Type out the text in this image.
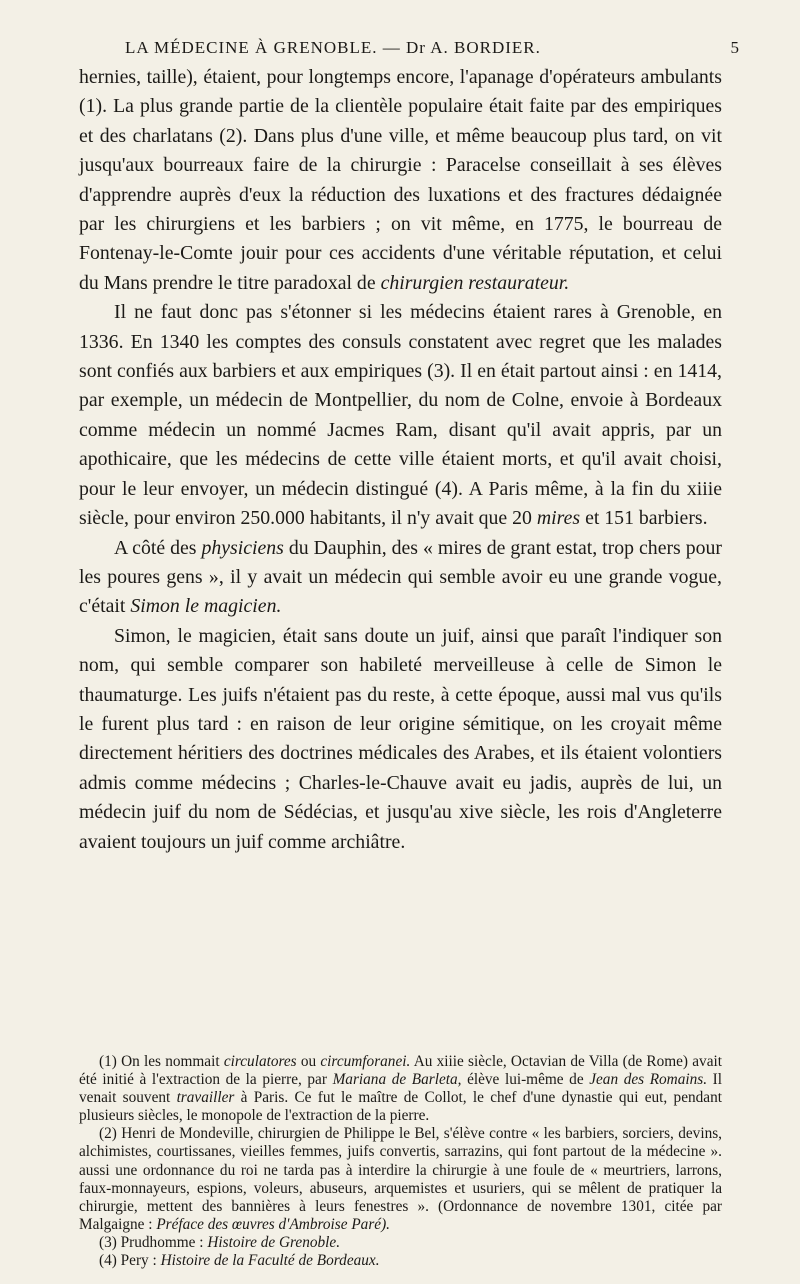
LA MÉDECINE À GRENOBLE. — Dr A. BORDIER.	5

hernies, taille), étaient, pour longtemps encore, l'apanage d'opérateurs ambulants (1). La plus grande partie de la clientèle populaire était faite par des empiriques et des charlatans (2). Dans plus d'une ville, et même beaucoup plus tard, on vit jusqu'aux bourreaux faire de la chirurgie : Paracelse conseillait à ses élèves d'apprendre auprès d'eux la réduction des luxations et des fractures dédaignée par les chirurgiens et les barbiers ; on vit même, en 1775, le bourreau de Fontenay-le-Comte jouir pour ces accidents d'une véritable réputation, et celui du Mans prendre le titre paradoxal de chirurgien restaurateur.

Il ne faut donc pas s'étonner si les médecins étaient rares à Grenoble, en 1336. En 1340 les comptes des consuls constatent avec regret que les malades sont confiés aux barbiers et aux empiriques (3). Il en était partout ainsi : en 1414, par exemple, un médecin de Montpellier, du nom de Colne, envoie à Bordeaux comme médecin un nommé Jacmes Ram, disant qu'il avait appris, par un apothicaire, que les médecins de cette ville étaient morts, et qu'il avait choisi, pour le leur envoyer, un médecin distingué (4). A Paris même, à la fin du xiiie siècle, pour environ 250.000 habitants, il n'y avait que 20 mires et 151 barbiers.

A côté des physiciens du Dauphin, des « mires de grant estat, trop chers pour les poures gens », il y avait un médecin qui semble avoir eu une grande vogue, c'était Simon le magicien.

Simon, le magicien, était sans doute un juif, ainsi que paraît l'indiquer son nom, qui semble comparer son habileté merveilleuse à celle de Simon le thaumaturge. Les juifs n'étaient pas du reste, à cette époque, aussi mal vus qu'ils le furent plus tard : en raison de leur origine sémitique, on les croyait même directement héritiers des doctrines médicales des Arabes, et ils étaient volontiers admis comme médecins ; Charles-le-Chauve avait eu jadis, auprès de lui, un médecin juif du nom de Sédécias, et jusqu'au xive siècle, les rois d'Angleterre avaient toujours un juif comme archiâtre.

(1) On les nommait circulatores ou circumforanei. Au xiiie siècle, Octavian de Villa (de Rome) avait été initié à l'extraction de la pierre, par Mariana de Barleta, élève lui-même de Jean des Romains. Il venait souvent travailler à Paris. Ce fut le maître de Collot, le chef d'une dynastie qui eut, pendant plusieurs siècles, le monopole de l'extraction de la pierre.

(2) Henri de Mondeville, chirurgien de Philippe le Bel, s'élève contre « les barbiers, sorciers, devins, alchimistes, courtissanes, vieilles femmes, juifs convertis, sarrazins, qui font partout de la médecine ». aussi une ordonnance du roi ne tarda pas à interdire la chirurgie à une foule de « meurtriers, larrons, faux-monnayeurs, espions, voleurs, abuseurs, arquemistes et usuriers, qui se mêlent de pratiquer la chirurgie, mettent des bannières à leurs fenestres ». (Ordonnance de novembre 1301, citée par Malgaigne : Préface des œuvres d'Ambroise Paré).

(3) Prudhomme : Histoire de Grenoble.

(4) Pery : Histoire de la Faculté de Bordeaux.
